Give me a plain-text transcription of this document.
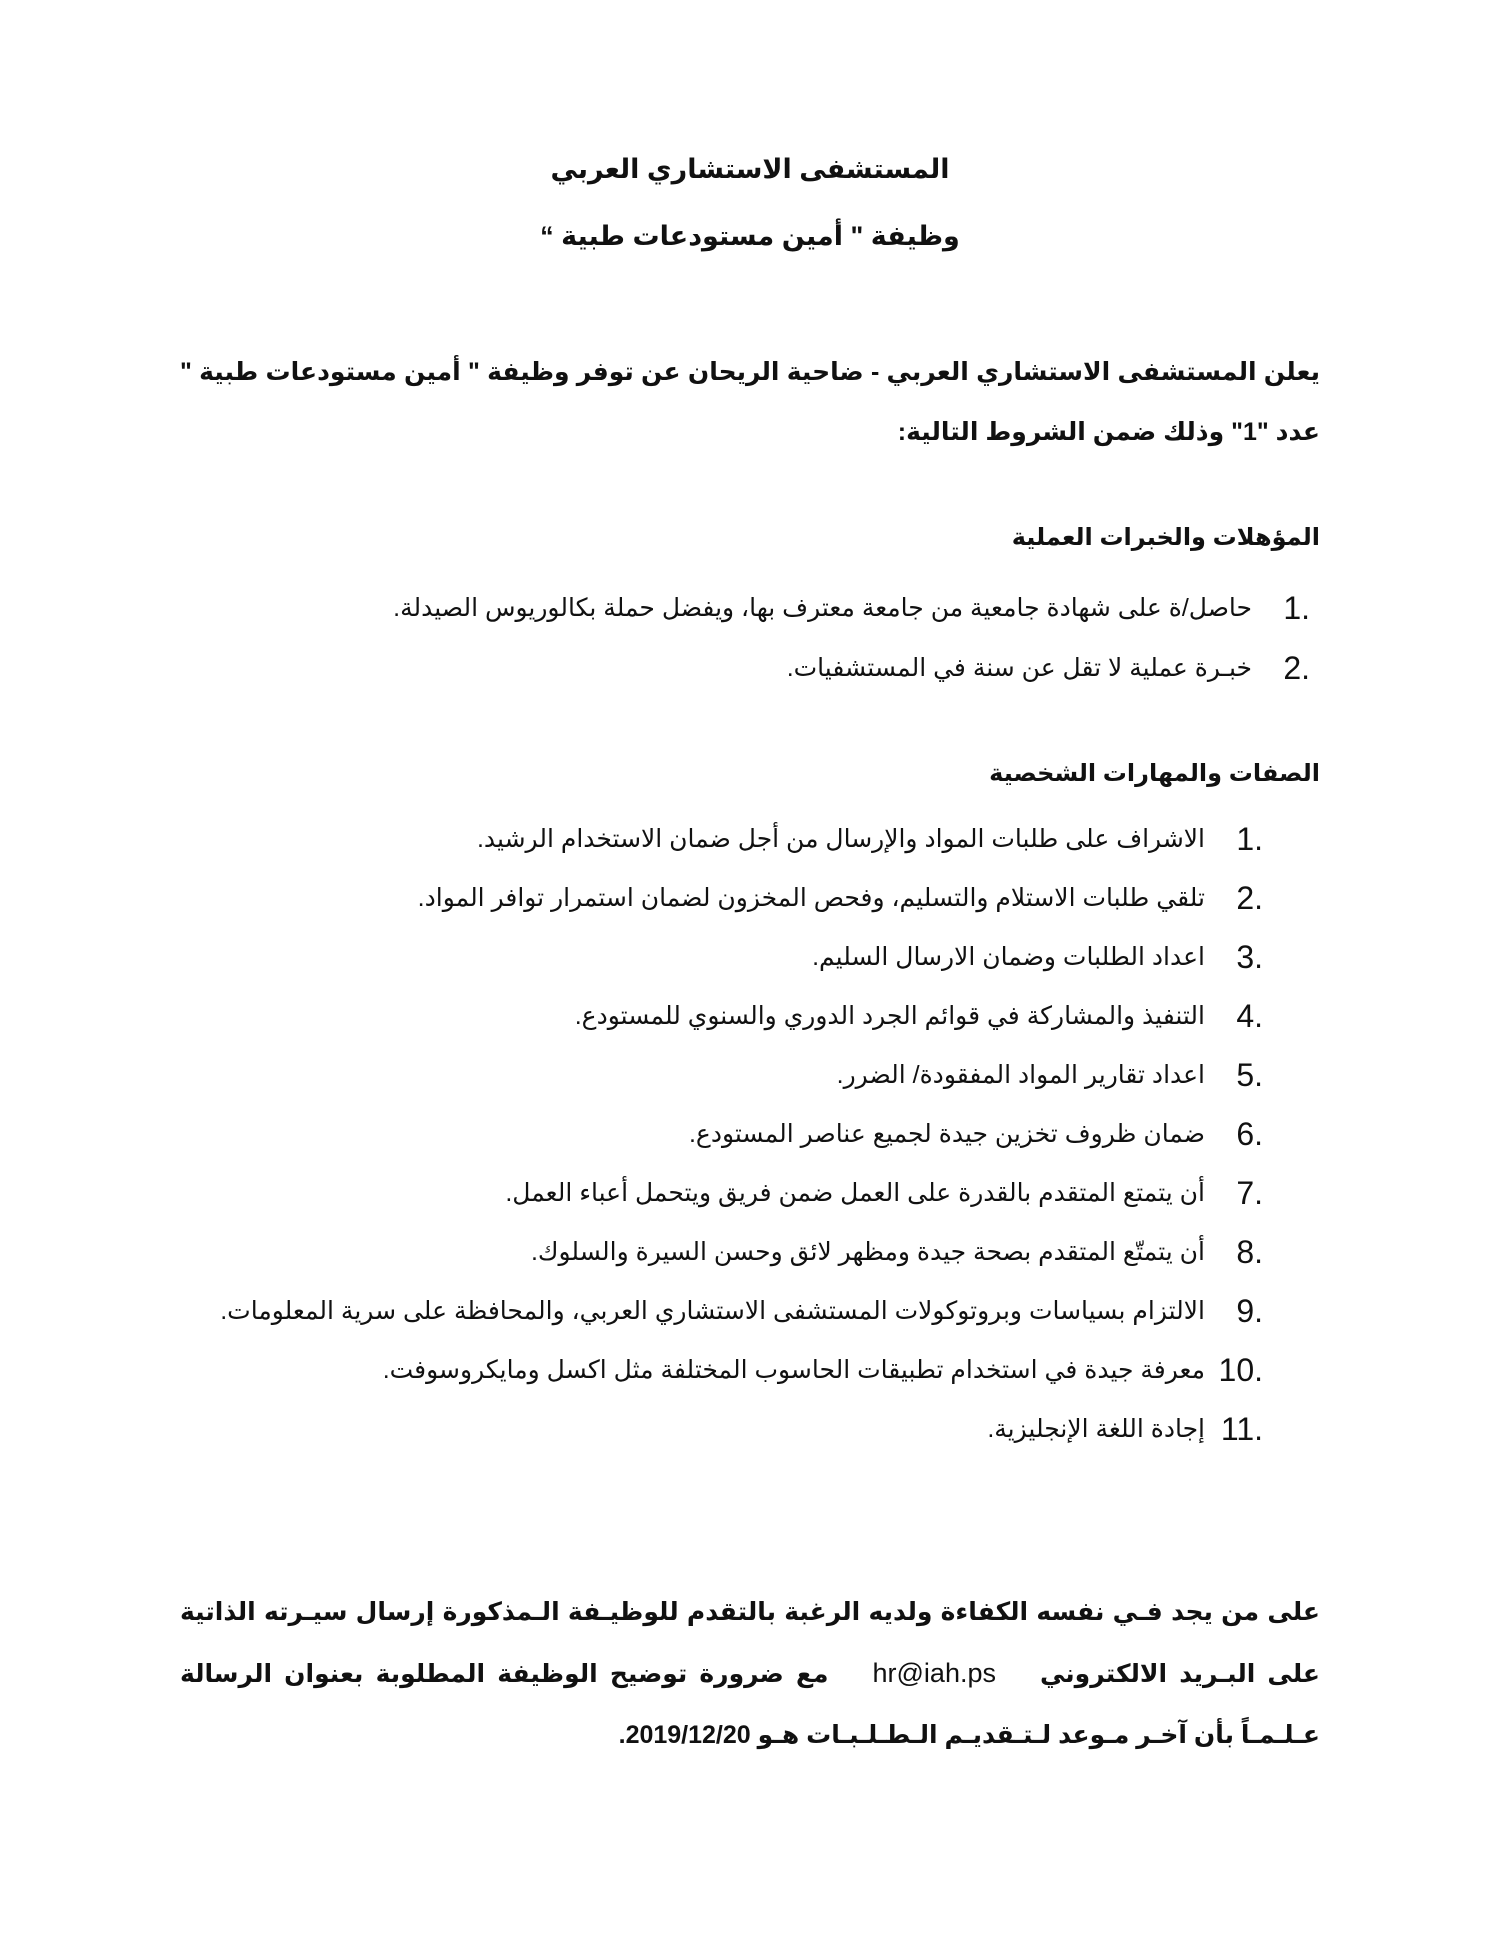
المستشفى الاستشاري العربي
وظيفة " أمين مستودعات طبية “

يعلن المستشفى الاستشاري العربي - ضاحية الريحان عن توفر وظيفة " أمين مستودعات طبية " عدد "1" وذلك ضمن الشروط التالية:

المؤهلات والخبرات العملية
1.
حاصل/ة على شهادة جامعية من جامعة معترف بها، ويفضل حملة بكالوريوس الصيدلة.
2.
خبـرة عملية لا تقل عن سنة في المستشفيات.
الصفات والمهارات الشخصية
1.
الاشراف على طلبات المواد والإرسال من أجل ضمان الاستخدام الرشيد.
2.
تلقي طلبات الاستلام والتسليم، وفحص المخزون لضمان استمرار توافر المواد.
3.
اعداد الطلبات وضمان الارسال السليم.
4.
التنفيذ والمشاركة في قوائم الجرد الدوري والسنوي للمستودع.
5.
اعداد تقارير المواد المفقودة/ الضرر.
6.
ضمان ظروف تخزين جيدة لجميع عناصر المستودع.
7.
أن يتمتع المتقدم بالقدرة على العمل ضمن فريق ويتحمل أعباء العمل.
8.
أن يتمتّع المتقدم بصحة جيدة ومظهر لائق وحسن السيرة والسلوك.
9.
الالتزام بسياسات وبروتوكولات المستشفى الاستشاري العربي، والمحافظة على سرية المعلومات.
10.
معرفة جيدة في استخدام تطبيقات الحاسوب المختلفة مثل اكسل ومايكروسوفت.
11.
إجادة اللغة الإنجليزية.

على من يجد فـي نفسه الكفاءة ولديه الرغبة بالتقدم للوظيـفة الـمذكورة إرسال سيـرته الذاتية على البـريد الالكترونيhr@iah.psمع ضرورة توضيح الوظيفة المطلوبة بعنوان الرسالة عـلـمـاً بأن آخـر مـوعد لـتـقديـم الـطـلـبـات هـو 2019/12/20.
